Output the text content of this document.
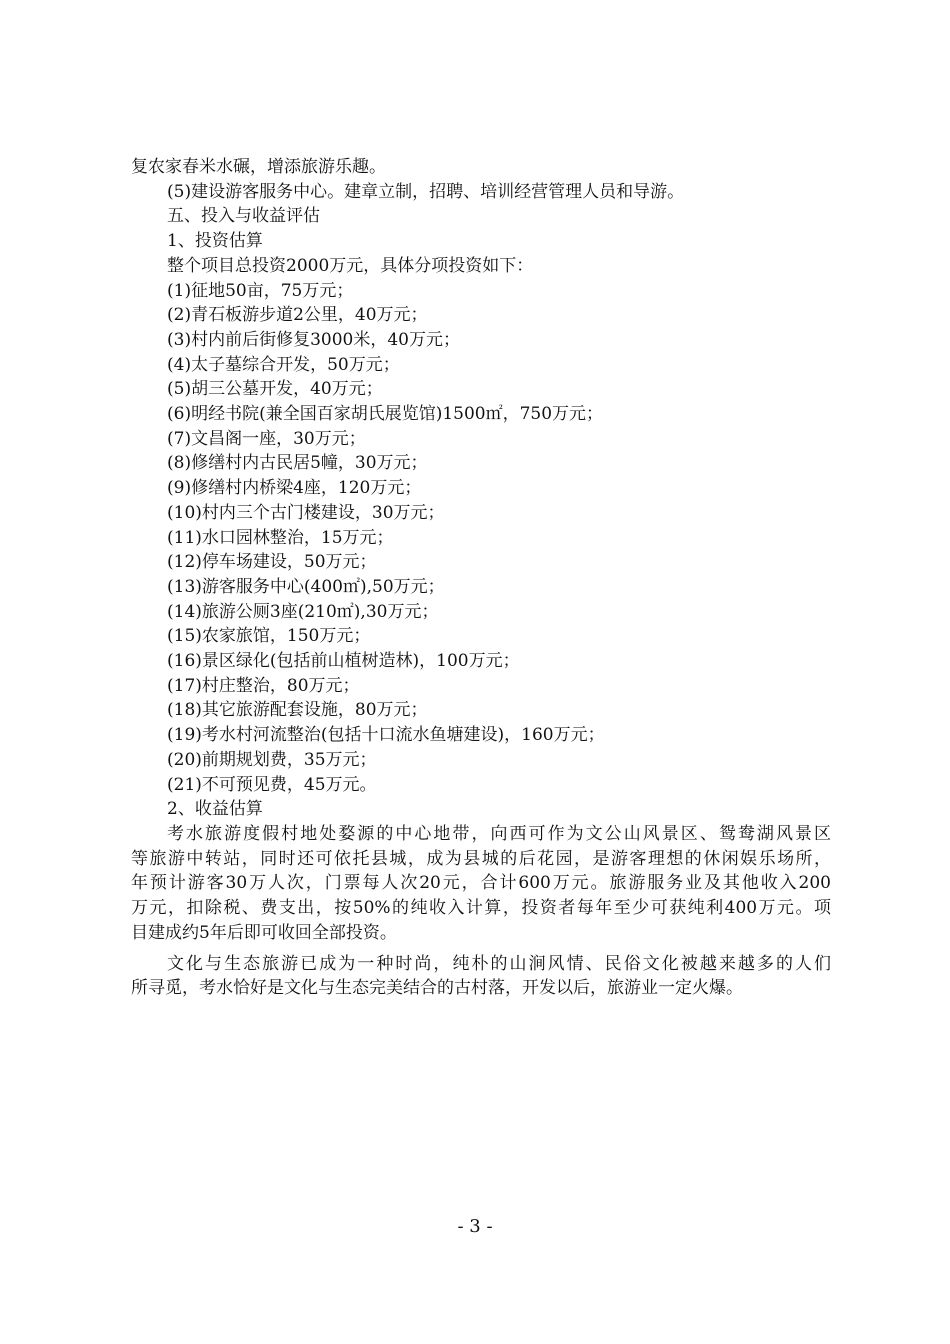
复农家春米水碾，增添旅游乐趣。
(5)建设游客服务中心。建章立制，招聘、培训经营管理人员和导游。
五、投入与收益评估
1、投资估算
整个项目总投资2000万元，具体分项投资如下：
(1)征地50亩，75万元；
(2)青石板游步道2公里，40万元；
(3)村内前后街修复3000米，40万元；
(4)太子墓综合开发，50万元；
(5)胡三公墓开发，40万元；
(6)明经书院(兼全国百家胡氏展览馆)1500㎡，750万元；
(7)文昌阁一座，30万元；
(8)修缮村内古民居5幢，30万元；
(9)修缮村内桥梁4座，120万元；
(10)村内三个古门楼建设，30万元；
(11)水口园林整治，15万元；
(12)停车场建设，50万元；
(13)游客服务中心(400㎡),50万元；
(14)旅游公厕3座(210㎡),30万元；
(15)农家旅馆，150万元；
(16)景区绿化(包括前山植树造林)，100万元；
(17)村庄整治，80万元；
(18)其它旅游配套设施，80万元；
(19)考水村河流整治(包括十口流水鱼塘建设)，160万元；
(20)前期规划费，35万元；
(21)不可预见费，45万元。
2、收益估算
考水旅游度假村地处婺源的中心地带，向西可作为文公山风景区、鸳鸯湖风景区
等旅游中转站，同时还可依托县城，成为县城的后花园，是游客理想的休闲娱乐场所，
年预计游客30万人次，门票每人次20元，合计600万元。旅游服务业及其他收入200
万元，扣除税、费支出，按50%的纯收入计算，投资者每年至少可获纯利400万元。项
目建成约5年后即可收回全部投资。
文化与生态旅游已成为一种时尚，纯朴的山涧风情、民俗文化被越来越多的人们
所寻觅，考水恰好是文化与生态完美结合的古村落，开发以后，旅游业一定火爆。
- 3 -
